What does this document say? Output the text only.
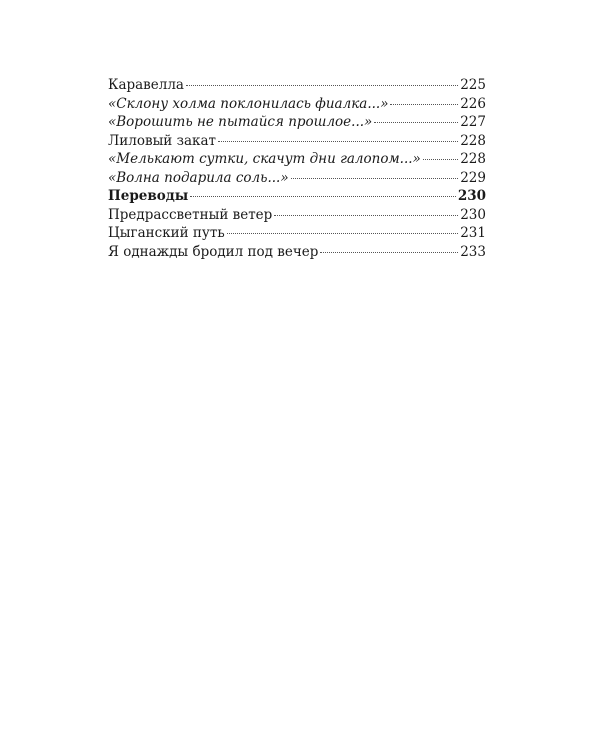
Каравелла	225
«Склону холма поклонилась фиалка...»	226
«Ворошить не пытайся прошлое...»	227
Лиловый закат	228
«Мелькают сутки, скачут дни галопом...»	228
«Волна подарила соль...»	229
Переводы	230
Предрассветный ветер	230
Цыганский путь	231
Я однажды бродил под вечер	233
